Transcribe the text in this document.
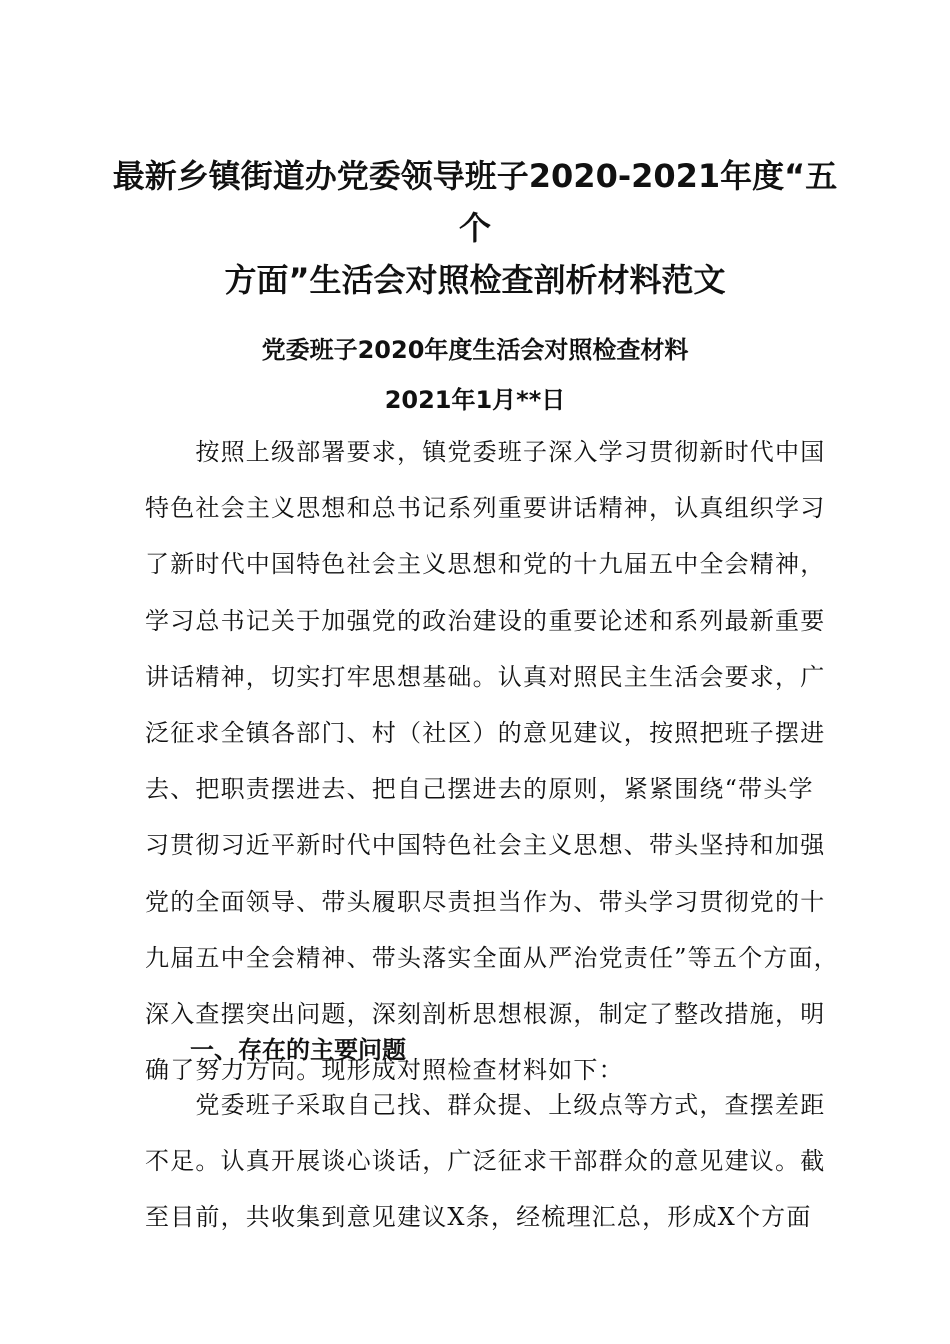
最新乡镇街道办党委领导班子2020-2021年度“五个
方面”生活会对照检查剖析材料范文
党委班子2020年度生活会对照检查材料
2021年1月**日
　　按照上级部署要求，镇党委班子深入学习贯彻新时代中国
特色社会主义思想和总书记系列重要讲话精神，认真组织学习
了新时代中国特色社会主义思想和党的十九届五中全会精神，
学习总书记关于加强党的政治建设的重要论述和系列最新重要
讲话精神，切实打牢思想基础。认真对照民主生活会要求，广
泛征求全镇各部门、村（社区）的意见建议，按照把班子摆进
去、把职责摆进去、把自己摆进去的原则，紧紧围绕“带头学
习贯彻习近平新时代中国特色社会主义思想、带头坚持和加强
党的全面领导、带头履职尽责担当作为、带头学习贯彻党的十
九届五中全会精神、带头落实全面从严治党责任”等五个方面，
深入查摆突出问题，深刻剖析思想根源，制定了整改措施，明
确了努力方向。现形成对照检查材料如下：
一、存在的主要问题
　　党委班子采取自己找、群众提、上级点等方式，查摆差距
不足。认真开展谈心谈话，广泛征求干部群众的意见建议。截
至目前，共收集到意见建议X条，经梳理汇总，形成X个方面
